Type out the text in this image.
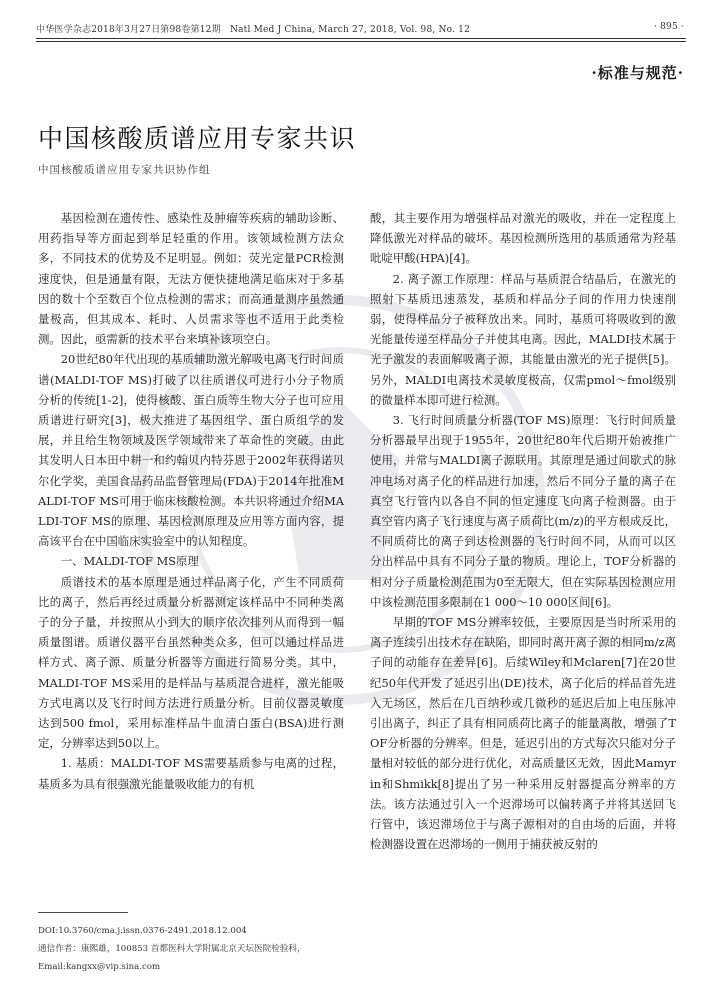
中华医学杂志2018年3月27日第98卷第12期　Natl Med J China, March 27, 2018, Vol. 98, No. 12	· 895 ·
·标准与规范·
中国核酸质谱应用专家共识
中国核酸质谱应用专家共识协作组

基因检测在遗传性、感染性及肿瘤等疾病的辅助诊断、用药指导等方面起到举足轻重的作用。该领域检测方法众多，不同技术的优势及不足明显。例如：荧光定量PCR检测速度快，但是通量有限，无法方便快捷地满足临床对于多基因的数十个至数百个位点检测的需求；而高通量测序虽然通量极高，但其成本、耗时、人员需求等也不适用于此类检测。因此，亟需新的技术平台来填补该项空白。

20世纪80年代出现的基质辅助激光解吸电离飞行时间质谱(MALDI-TOF MS)打破了以往质谱仪可进行小分子物质分析的传统[1-2]，使得核酸、蛋白质等生物大分子也可应用质谱进行研究[3]，极大推进了基因组学、蛋白质组学的发展，并且给生物领域及医学领域带来了革命性的突破。由此其发明人日本田中耕一和约翰贝内特芬恩于2002年获得诺贝尔化学奖，美国食品药品监督管理局(FDA)于2014年批准MALDI-TOF MS可用于临床核酸检测。本共识将通过介绍MALDI-TOF MS的原理、基因检测原理及应用等方面内容，提高该平台在中国临床实验室中的认知程度。

一、MALDI-TOF MS原理

质谱技术的基本原理是通过样品离子化，产生不同质荷比的离子，然后再经过质量分析器测定该样品中不同种类离子的分子量，并按照从小到大的顺序依次排列从而得到一幅质量图谱。质谱仪器平台虽然种类众多，但可以通过样品进样方式、离子源、质量分析器等方面进行简易分类。其中，MALDI-TOF MS采用的是样品与基质混合进样，激光能吸方式电离以及飞行时间方法进行质量分析。目前仪器灵敏度达到500 fmol，采用标准样品牛血清白蛋白(BSA)进行测定，分辨率达到50以上。

1. 基质：MALDI-TOF MS需要基质参与电离的过程，基质多为具有很强激光能量吸收能力的有机

酸，其主要作用为增强样品对激光的吸收，并在一定程度上降低激光对样品的破坏。基因检测所选用的基质通常为羟基吡啶甲酸(HPA)[4]。

2. 离子源工作原理：样品与基质混合结晶后，在激光的照射下基质迅速蒸发，基质和样品分子间的作用力快速削弱，使得样品分子被释放出来。同时，基质可将吸收到的激光能量传递至样品分子并使其电离。因此，MALDI技术属于光子激发的表面解吸离子源，其能量由激光的光子提供[5]。另外，MALDI电离技术灵敏度极高，仅需pmol～fmol级别的微量样本即可进行检测。

3. 飞行时间质量分析器(TOF MS)原理：飞行时间质量分析器最早出现于1955年，20世纪80年代后期开始被推广使用，并常与MALDI离子源联用。其原理是通过间歇式的脉冲电场对离子化的样品进行加速，然后不同分子量的离子在真空飞行管内以各自不同的恒定速度飞向离子检测器。由于真空管内离子飞行速度与离子质荷比(m/z)的平方根成反比，不同质荷比的离子到达检测器的飞行时间不同，从而可以区分出样品中具有不同分子量的物质。理论上，TOF分析器的相对分子质量检测范围为0至无限大，但在实际基因检测应用中该检测范围多限制在1 000～10 000区间[6]。

早期的TOF MS分辨率较低，主要原因是当时所采用的离子连续引出技术存在缺陷，即同时离开离子源的相同m/z离子间的动能存在差异[6]。后续Wiley和Mclaren[7]在20世纪50年代开发了延迟引出(DE)技术，离子化后的样品首先进入无场区，然后在几百纳秒或几微秒的延迟后加上电压脉冲引出离子，纠正了具有相同质荷比离子的能量离散，增强了TOF分析器的分辨率。但是，延迟引出的方式每次只能对分子量相对较低的部分进行优化，对高质量区无效，因此Mamyrin和Shmikk[8]提出了另一种采用反射器提高分辨率的方法。该方法通过引入一个迟滞场可以偏转离子并将其送回飞行管中，该迟滞场位于与离子源相对的自由场的后面，并将检测器设置在迟滞场的一侧用于捕获被反射的

DOI:10.3760/cma.j.issn.0376-2491.2018.12.004
通信作者：康熙雄，100853 首都医科大学附属北京天坛医院检验科，Email:kangxx@vip.sina.com
